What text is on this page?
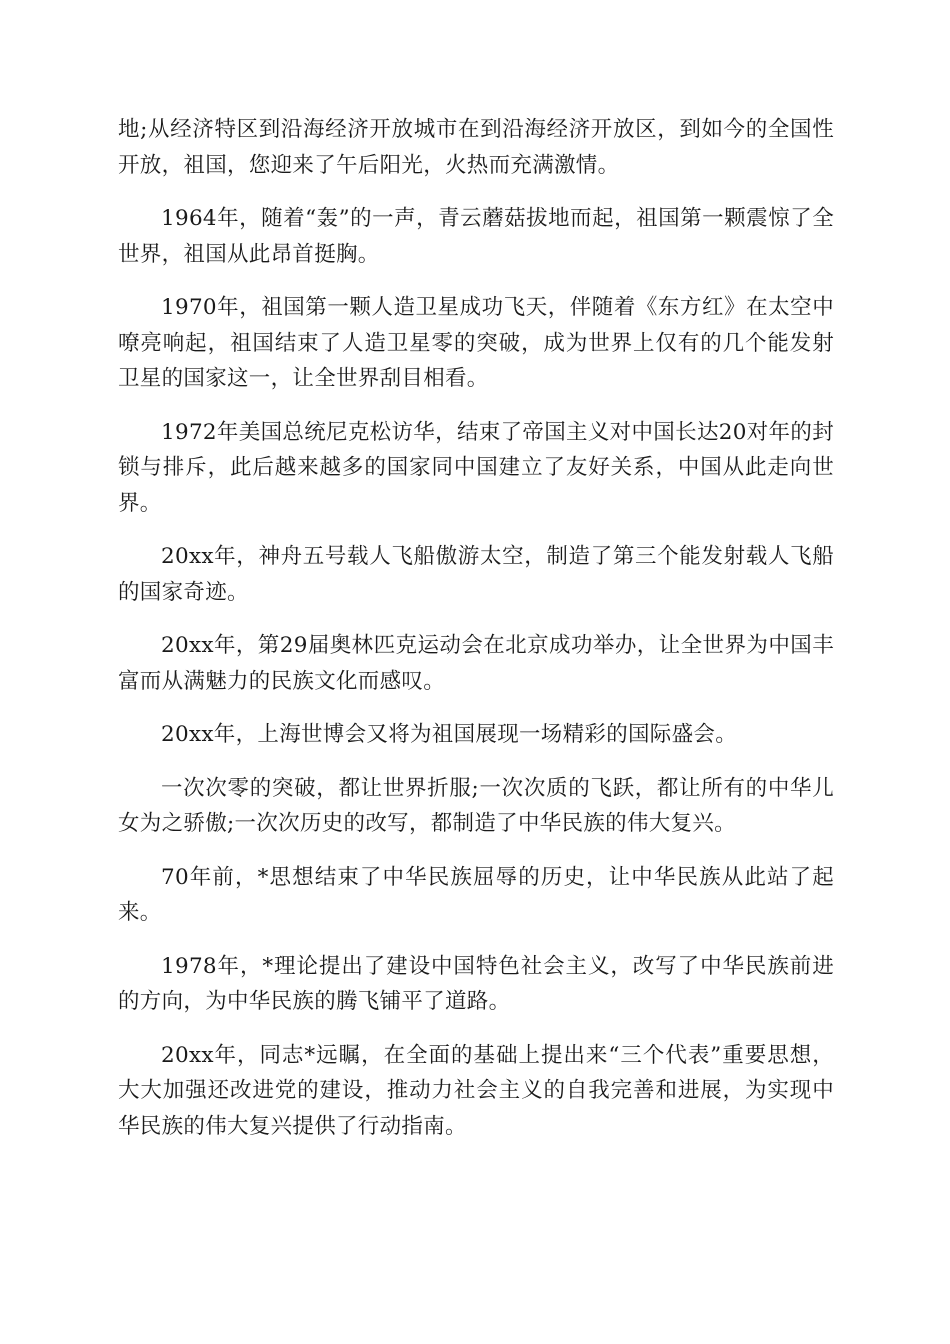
地;从经济特区到沿海经济开放城市在到沿海经济开放区，到如今的全国性开放，祖国，您迎来了午后阳光，火热而充满激情。

1964年，随着“轰”的一声，青云蘑菇拔地而起，祖国第一颗震惊了全世界，祖国从此昂首挺胸。

1970年，祖国第一颗人造卫星成功飞天，伴随着《东方红》在太空中嘹亮响起，祖国结束了人造卫星零的突破，成为世界上仅有的几个能发射卫星的国家这一，让全世界刮目相看。

1972年美国总统尼克松访华，结束了帝国主义对中国长达20对年的封锁与排斥，此后越来越多的国家同中国建立了友好关系，中国从此走向世界。

20xx年，神舟五号载人飞船傲游太空，制造了第三个能发射载人飞船的国家奇迹。

20xx年，第29届奥林匹克运动会在北京成功举办，让全世界为中国丰富而从满魅力的民族文化而感叹。

20xx年，上海世博会又将为祖国展现一场精彩的国际盛会。

一次次零的突破，都让世界折服;一次次质的飞跃，都让所有的中华儿女为之骄傲;一次次历史的改写，都制造了中华民族的伟大复兴。

70年前，*思想结束了中华民族屈辱的历史，让中华民族从此站了起来。

1978年，*理论提出了建设中国特色社会主义，改写了中华民族前进的方向，为中华民族的腾飞铺平了道路。

20xx年，同志*远瞩，在全面的基础上提出来“三个代表”重要思想，大大加强还改进党的建设，推动力社会主义的自我完善和进展，为实现中华民族的伟大复兴提供了行动指南。
